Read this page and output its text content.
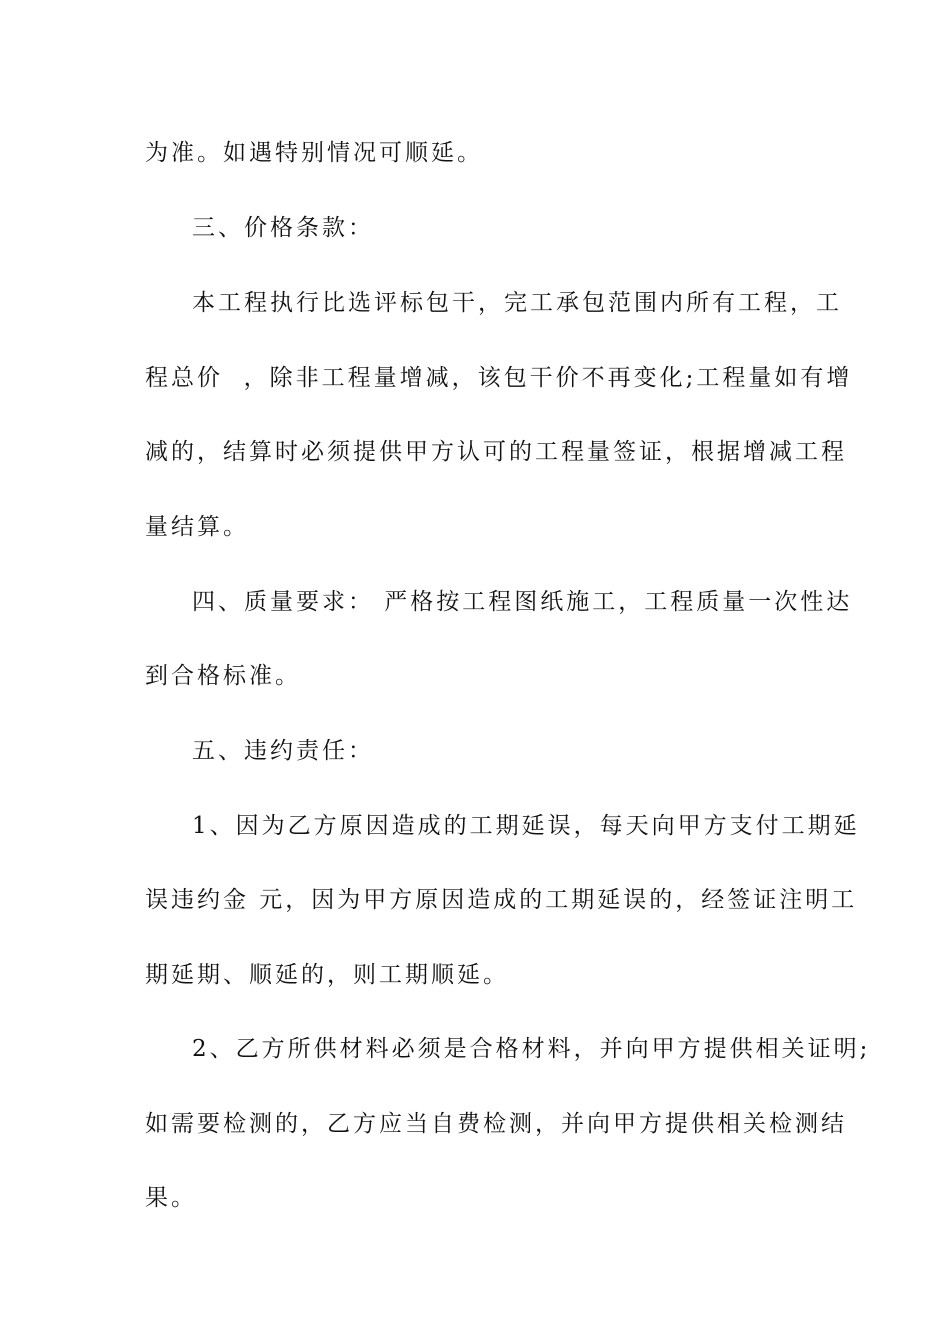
为准。如遇特别情况可顺延。

三、价格条款：

本工程执行比选评标包干，完工承包范围内所有工程，工

程总价  ，除非工程量增减，该包干价不再变化;工程量如有增

减的，结算时必须提供甲方认可的工程量签证，根据增减工程

量结算。

四、质量要求： 严格按工程图纸施工，工程质量一次性达

到合格标准。

五、违约责任：

1、因为乙方原因造成的工期延误，每天向甲方支付工期延

误违约金 元，因为甲方原因造成的工期延误的，经签证注明工

期延期、顺延的，则工期顺延。

2、乙方所供材料必须是合格材料，并向甲方提供相关证明;

如需要检测的，乙方应当自费检测，并向甲方提供相关检测结

果。
